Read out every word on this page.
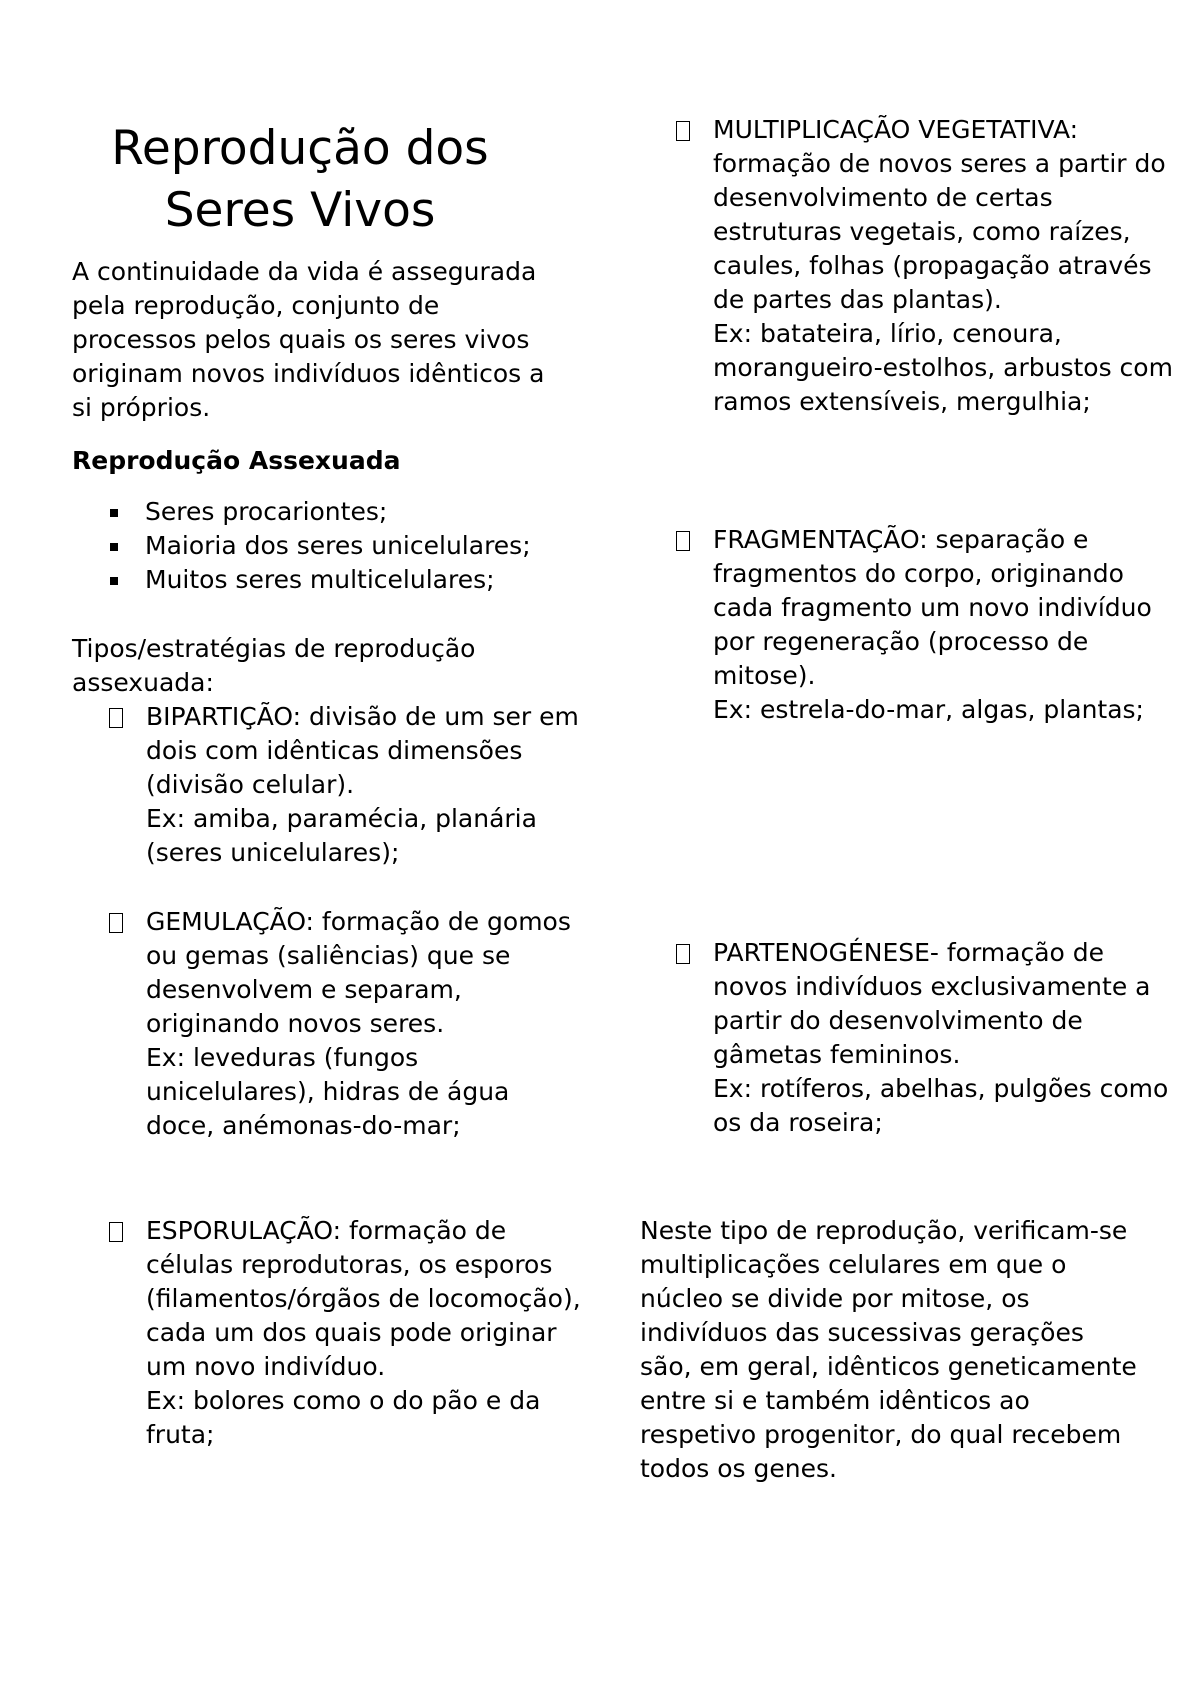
Reprodução dos Seres Vivos

A continuidade da vida é assegurada pela reprodução, conjunto de processos pelos quais os seres vivos originam novos indivíduos idênticos a si próprios.

Reprodução Assexuada

Seres procariontes;
Maioria dos seres unicelulares;
Muitos seres multicelulares;

Tipos/estratégias de reprodução assexuada:

BIPARTIÇÃO: divisão de um ser em dois com idênticas dimensões (divisão celular).
Ex: amiba, paramécia, planária (seres unicelulares);
GEMULAÇÃO: formação de gomos ou gemas (saliências) que se desenvolvem e separam, originando novos seres.
Ex: leveduras (fungos unicelulares), hidras de água doce, anémonas-do-mar;
ESPORULAÇÃO: formação de células reprodutoras, os esporos (filamentos/órgãos de locomoção), cada um dos quais pode originar um novo indivíduo.
Ex: bolores como o do pão e da fruta;
MULTIPLICAÇÃO VEGETATIVA: formação de novos seres a partir do desenvolvimento de certas estruturas vegetais, como raízes, caules, folhas (propagação através de partes das plantas).
Ex: batateira, lírio, cenoura, morangueiro-estolhos, arbustos com ramos extensíveis, mergulhia;
FRAGMENTAÇÃO: separação e fragmentos do corpo, originando cada fragmento um novo indivíduo por regeneração (processo de mitose).
Ex: estrela-do-mar, algas, plantas;
PARTENOGÉNESE- formação de novos indivíduos exclusivamente a partir do desenvolvimento de gâmetas femininos.
Ex: rotíferos, abelhas, pulgões como os da roseira;

Neste tipo de reprodução, verificam-se multiplicações celulares em que o núcleo se divide por mitose, os indivíduos das sucessivas gerações são, em geral, idênticos geneticamente entre si e também idênticos ao respetivo progenitor, do qual recebem todos os genes.
